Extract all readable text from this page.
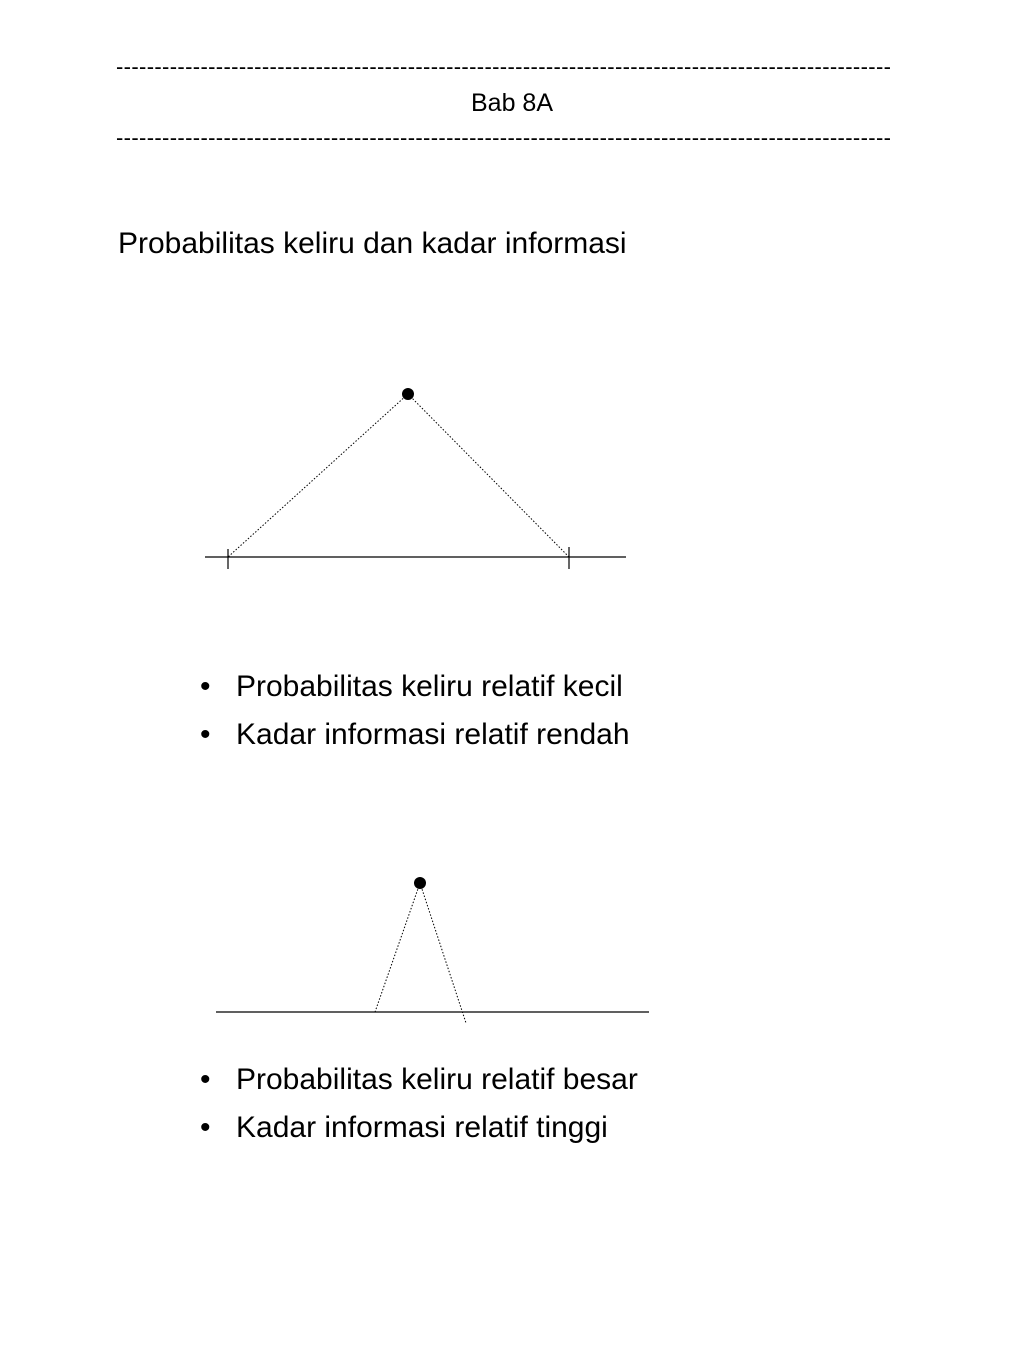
-----------------------------------------------------------------------------------------------------
Bab 8A
-----------------------------------------------------------------------------------------------------
Probabilitas keliru dan kadar informasi
• Probabilitas keliru relatif kecil
• Kadar informasi relatif rendah
• Probabilitas keliru relatif besar
• Kadar informasi relatif tinggi
